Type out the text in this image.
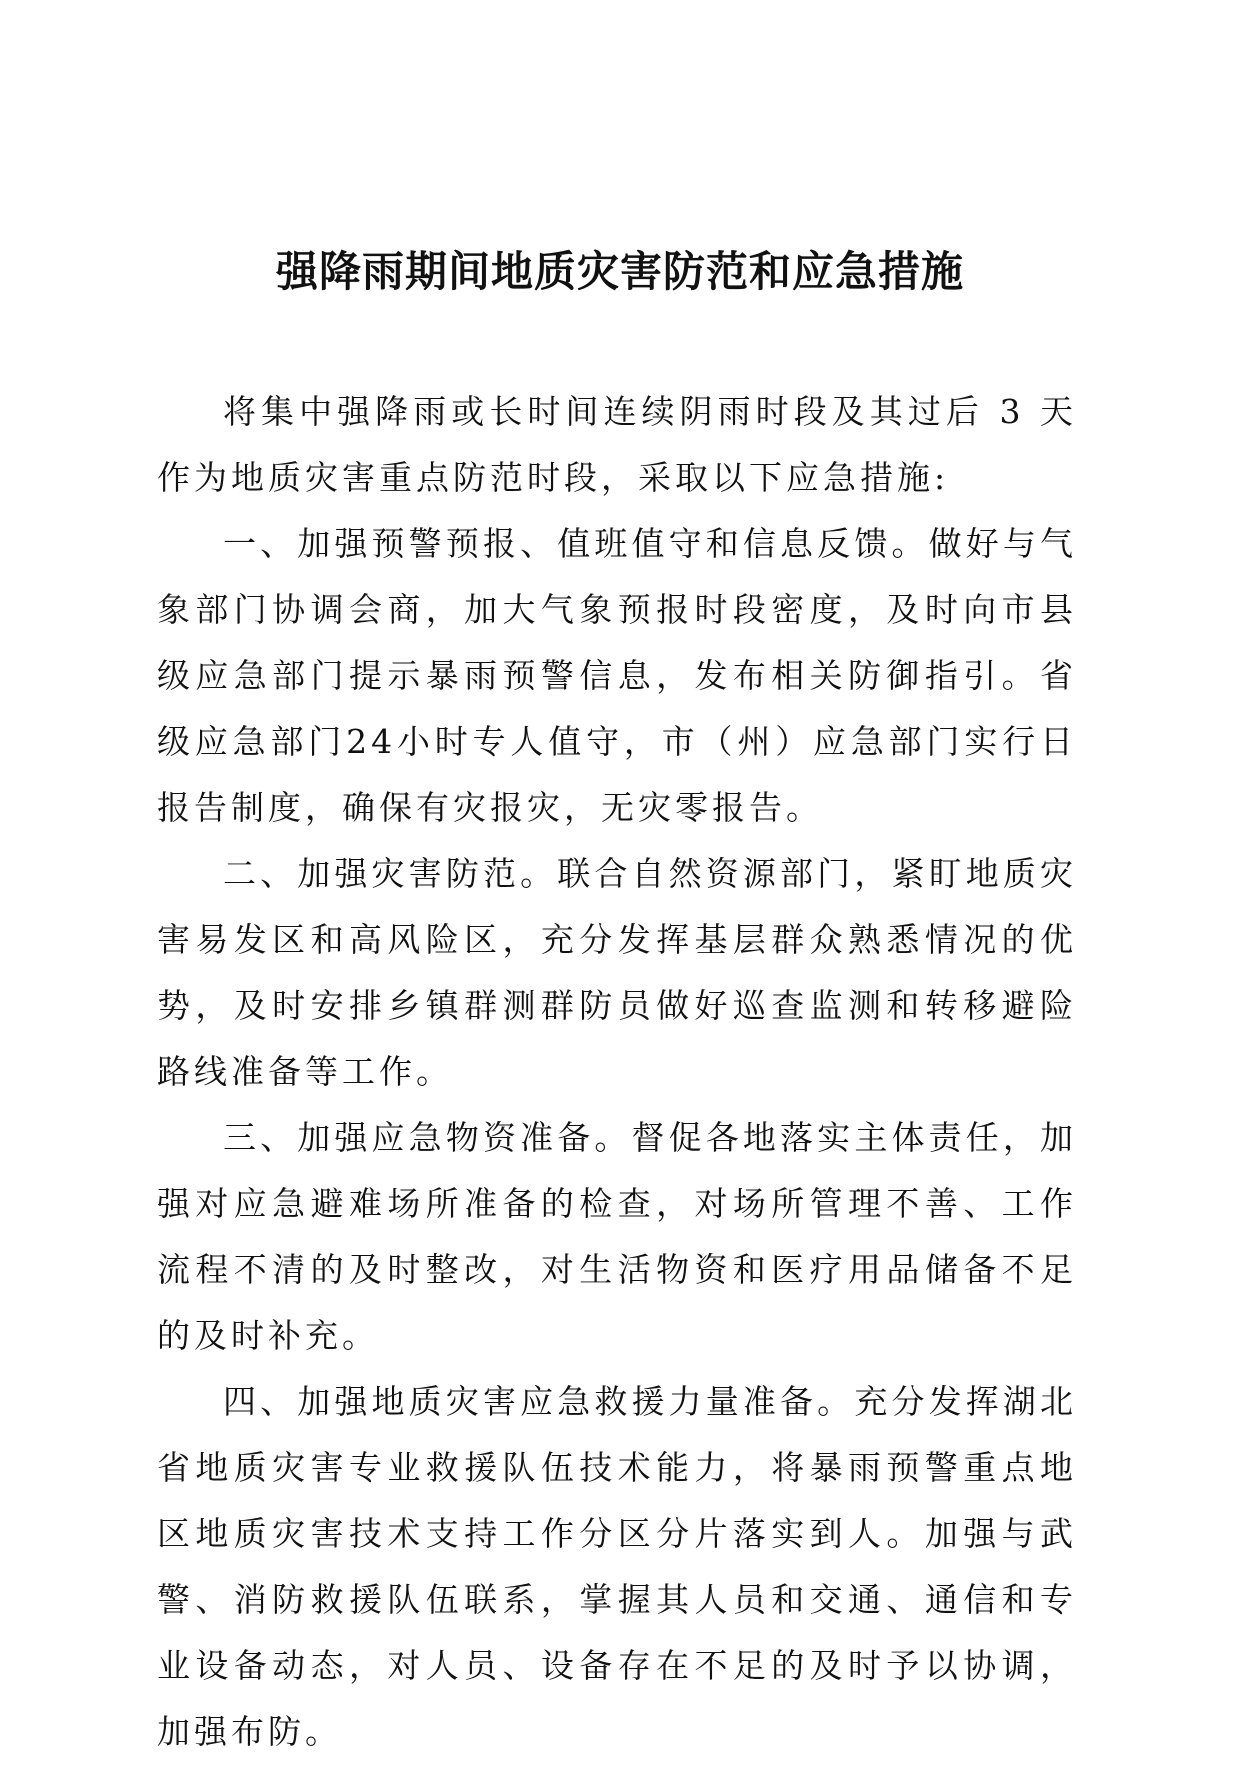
强降雨期间地质灾害防范和应急措施

将集中强降雨或长时间连续阴雨时段及其过后 3 天作为地质灾害重点防范时段，采取以下应急措施:

一、加强预警预报、值班值守和信息反馈。做好与气象部门协调会商，加大气象预报时段密度，及时向市县级应急部门提示暴雨预警信息，发布相关防御指引。省级应急部门24小时专人值守，市（州）应急部门实行日报告制度，确保有灾报灾，无灾零报告。

二、加强灾害防范。联合自然资源部门，紧盯地质灾害易发区和高风险区，充分发挥基层群众熟悉情况的优势，及时安排乡镇群测群防员做好巡查监测和转移避险路线准备等工作。

三、加强应急物资准备。督促各地落实主体责任，加强对应急避难场所准备的检查，对场所管理不善、工作流程不清的及时整改，对生活物资和医疗用品储备不足的及时补充。

四、加强地质灾害应急救援力量准备。充分发挥湖北省地质灾害专业救援队伍技术能力，将暴雨预警重点地区地质灾害技术支持工作分区分片落实到人。加强与武警、消防救援队伍联系，掌握其人员和交通、通信和专业设备动态，对人员、设备存在不足的及时予以协调，加强布防。
